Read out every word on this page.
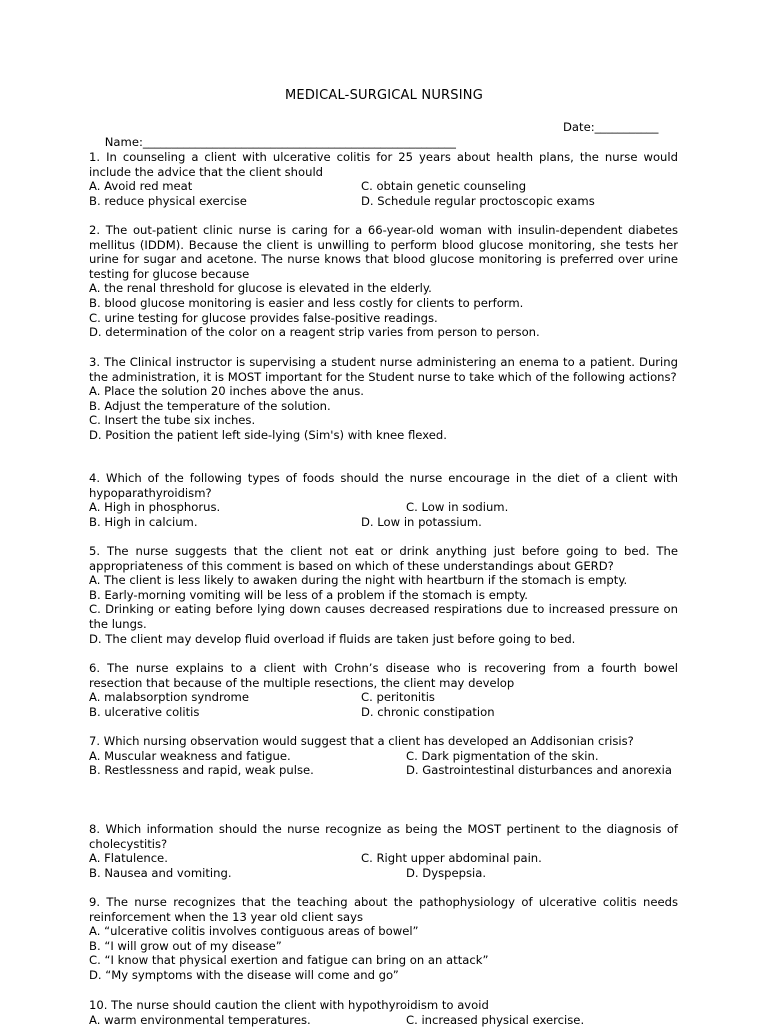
MEDICAL-SURGICAL NURSING

Name:______________________________________________________

Date:___________

1. In counseling a client with ulcerative colitis for 25 years about health plans, the nurse would include the advice that the client should
A. Avoid red meat	C. obtain genetic counseling
B. reduce physical exercise	D. Schedule regular proctoscopic exams
2. The out-patient clinic nurse is caring for a 66-year-old woman with insulin-dependent diabetes mellitus (IDDM). Because the client is unwilling to perform blood glucose monitoring, she tests her urine for sugar and acetone. The nurse knows that blood glucose monitoring is preferred over urine testing for glucose because
A. the renal threshold for glucose is elevated in the elderly.
B. blood glucose monitoring is easier and less costly for clients to perform.
C. urine testing for glucose provides false-positive readings.
D. determination of the color on a reagent strip varies from person to person.
3. The Clinical instructor is supervising a student nurse administering an enema to a patient. During the administration, it is MOST important for the Student nurse to take which of the following actions?
A. Place the solution 20 inches above the anus.
B. Adjust the temperature of the solution.
C. Insert the tube six inches.
D. Position the patient left side-lying (Sim's) with knee flexed.
4. Which of the following types of foods should the nurse encourage in the diet of a client with hypoparathyroidism?
A. High in phosphorus.	C. Low in sodium.
B. High in calcium.	D. Low in potassium.
5. The nurse suggests that the client not eat or drink anything just before going to bed. The appropriateness of this comment is based on which of these understandings about GERD?
A. The client is less likely to awaken during the night with heartburn if the stomach is empty.
B. Early-morning vomiting will be less of a problem if the stomach is empty.
C. Drinking or eating before lying down causes decreased respirations due to increased pressure on the lungs.
D. The client may develop fluid overload if fluids are taken just before going to bed.
6. The nurse explains to a client with Crohn’s disease who is recovering from a fourth bowel resection that because of the multiple resections, the client may develop
A. malabsorption syndrome	C. peritonitis
B. ulcerative colitis	D. chronic constipation
7. Which nursing observation would suggest that a client has developed an Addisonian crisis?
A. Muscular weakness and fatigue.	C. Dark pigmentation of the skin.
B. Restlessness and rapid, weak pulse.	D. Gastrointestinal disturbances and anorexia
8. Which information should the nurse recognize as being the MOST pertinent to the diagnosis of cholecystitis?
A. Flatulence.	C. Right upper abdominal pain.
B. Nausea and vomiting.	D. Dyspepsia.
9. The nurse recognizes that the teaching about the pathophysiology of ulcerative colitis needs reinforcement when the 13 year old client says
A. “ulcerative colitis involves contiguous areas of bowel”
B. “I will grow out of my disease”
C. “I know that physical exertion and fatigue can bring on an attack”
D. “My symptoms with the disease will come and go”
10. The nurse should caution the client with hypothyroidism to avoid
A. warm environmental temperatures.	C. increased physical exercise.
